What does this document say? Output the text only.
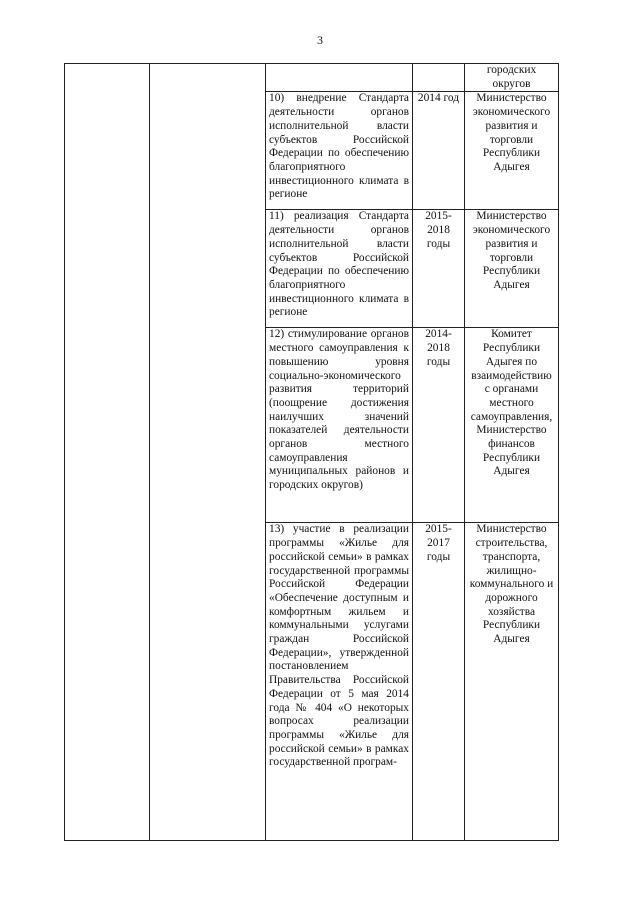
3
				городских округов
		10) внедрение Стандарта деятельности органов исполнительной власти субъектов Российской Федерации по обеспечению благоприятного инвестиционного климата в регионе	2014 год	Министерство экономического развития и торговли Республики Адыгея
		11) реализация Стандарта деятельности органов исполнительной власти субъектов Российской Федерации по обеспечению благоприятного инвестиционного климата в регионе	2015-2018 годы	Министерство экономического развития и торговли Республики Адыгея
		12) стимулирование органов местного самоуправления к повышению уровня социально-экономического развития территорий (поощрение достижения наилучших значений показателей деятельности органов местного самоуправления муниципальных районов и городских округов)	2014-2018 годы	Комитет Республики Адыгея по взаимодействию с органами местного самоуправления, Министерство финансов Республики Адыгея
		13) участие в реализации программы «Жилье для российской семьи» в рамках государственной программы Российской Федерации «Обеспечение доступным и комфортным жильем и коммунальными услугами граждан Российской Федерации», утвержденной постановлением Правительства Российской Федерации от 5 мая 2014 года № 404 «О некоторых вопросах реализации программы «Жилье для российской семьи» в рамках государственной програм-	2015-2017 годы	Министерство строительства, транспорта, жилищно-коммунального и дорожного хозяйства Республики Адыгея
